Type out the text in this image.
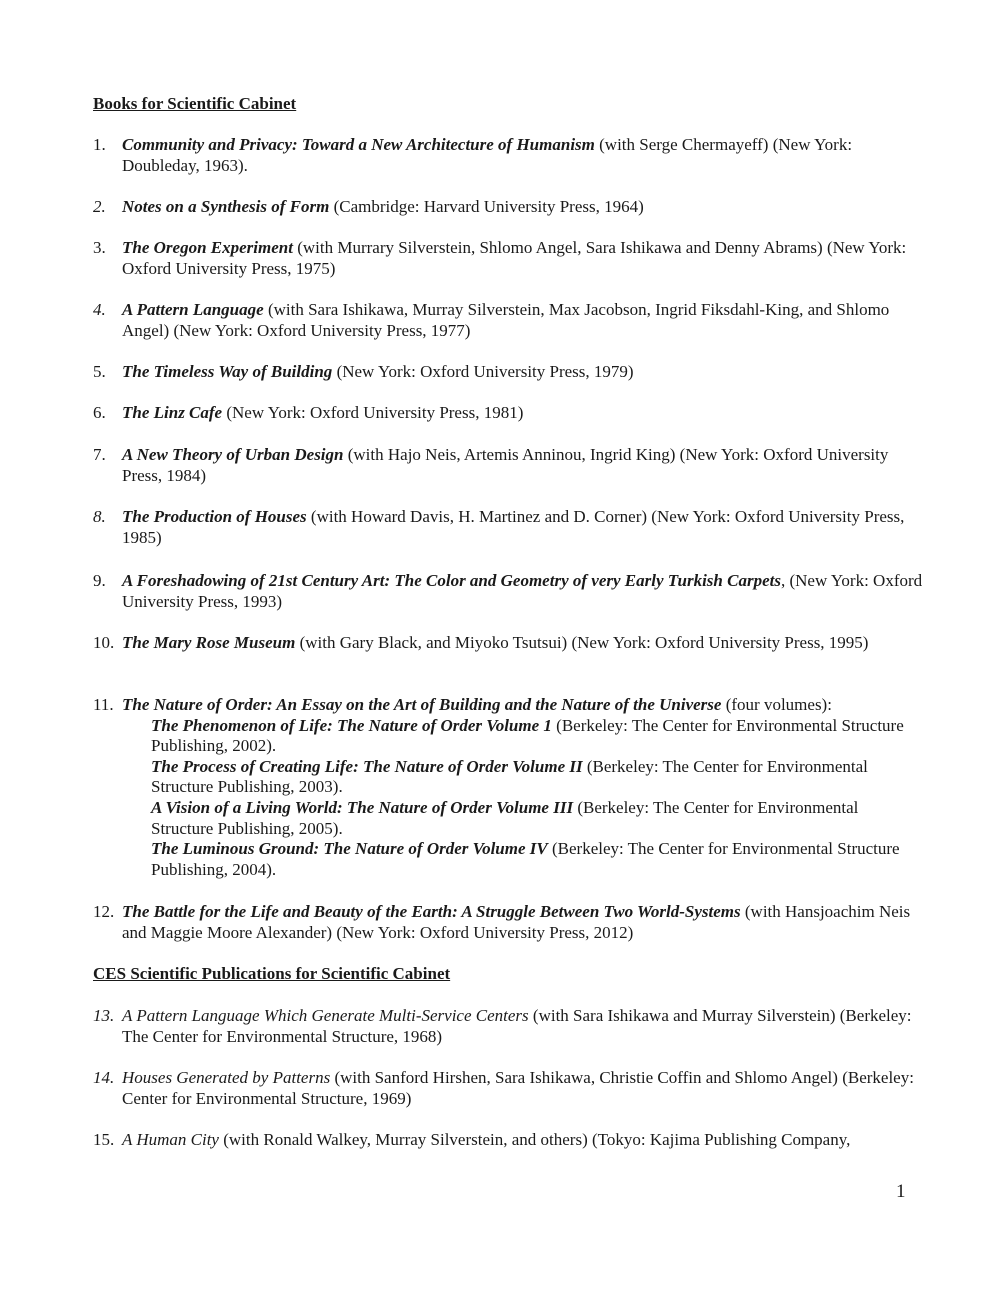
Books for Scientific Cabinet
1. Community and Privacy: Toward a New Architecture of Humanism (with Serge Chermayeff) (New York: Doubleday, 1963).
2. Notes on a Synthesis of Form (Cambridge: Harvard University Press, 1964)
3. The Oregon Experiment (with Murrary Silverstein, Shlomo Angel, Sara Ishikawa and Denny Abrams) (New York: Oxford University Press, 1975)
4. A Pattern Language (with Sara Ishikawa, Murray Silverstein, Max Jacobson, Ingrid Fiksdahl-King, and Shlomo Angel) (New York: Oxford University Press, 1977)
5. The Timeless Way of Building (New York: Oxford University Press, 1979)
6. The Linz Cafe (New York: Oxford University Press, 1981)
7. A New Theory of Urban Design (with Hajo Neis, Artemis Anninou, Ingrid King) (New York: Oxford University Press, 1984)
8. The Production of Houses (with Howard Davis, H. Martinez and D. Corner) (New York: Oxford University Press, 1985)
9. A Foreshadowing of 21st Century Art: The Color and Geometry of very Early Turkish Carpets, (New York: Oxford University Press, 1993)
10. The Mary Rose Museum (with Gary Black, and Miyoko Tsutsui) (New York: Oxford University Press, 1995)
11. The Nature of Order: An Essay on the Art of Building and the Nature of the Universe (four volumes):
The Phenomenon of Life: The Nature of Order Volume 1 (Berkeley: The Center for Environmental Structure Publishing, 2002).
The Process of Creating Life: The Nature of Order Volume II (Berkeley: The Center for Environmental Structure Publishing, 2003).
A Vision of a Living World: The Nature of Order Volume III (Berkeley: The Center for Environmental Structure Publishing, 2005).
The Luminous Ground: The Nature of Order Volume IV (Berkeley: The Center for Environmental Structure Publishing, 2004).
12. The Battle for the Life and Beauty of the Earth: A Struggle Between Two World-Systems (with Hansjoachim Neis and Maggie Moore Alexander) (New York: Oxford University Press, 2012)
CES Scientific Publications for Scientific Cabinet
13. A Pattern Language Which Generate Multi-Service Centers (with Sara Ishikawa and Murray Silverstein) (Berkeley: The Center for Environmental Structure, 1968)
14. Houses Generated by Patterns (with Sanford Hirshen, Sara Ishikawa, Christie Coffin and Shlomo Angel) (Berkeley: Center for Environmental Structure, 1969)
15. A Human City (with Ronald Walkey, Murray Silverstein, and others) (Tokyo: Kajima Publishing Company,
1
